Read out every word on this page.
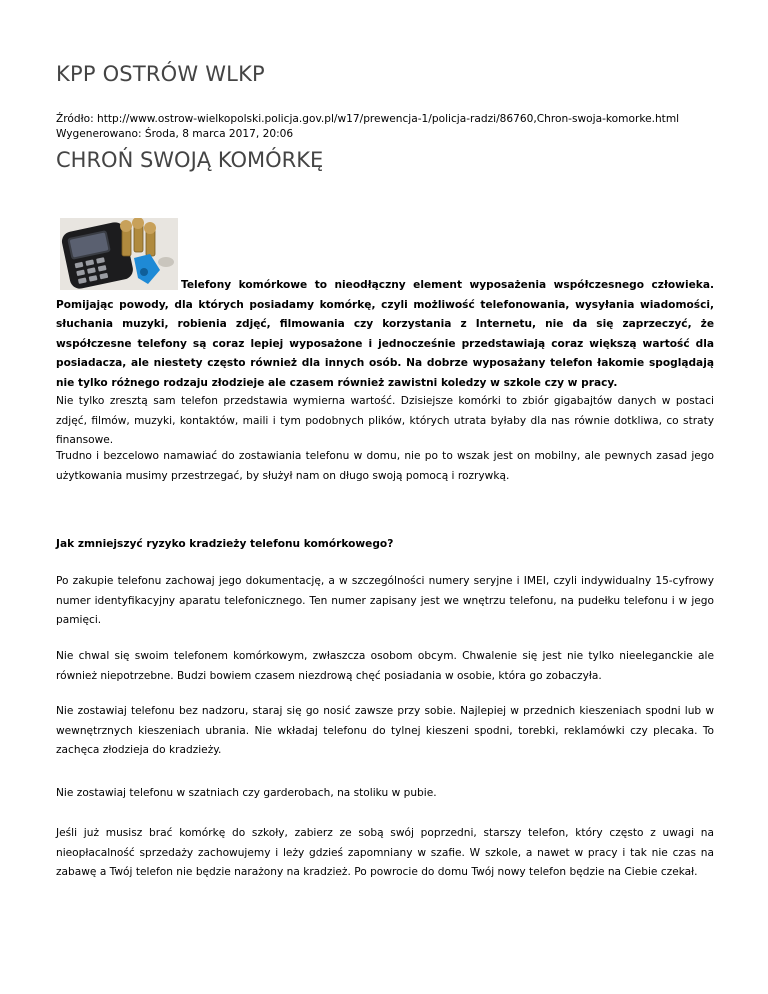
KPP OSTRÓW WLKP
Źródło: http://www.ostrow-wielkopolski.policja.gov.pl/w17/prewencja-1/policja-radzi/86760,Chron-swoja-komorke.html
Wygenerowano: Środa, 8 marca 2017, 20:06
CHROŃ SWOJĄ KOMÓRKĘ

Telefony komórkowe to nieodłączny element wyposażenia współczesnego człowieka. Pomijając powody, dla których posiadamy komórkę, czyli możliwość telefonowania, wysyłania wiadomości, słuchania muzyki, robienia zdjęć, filmowania czy korzystania z Internetu, nie da się zaprzeczyć, że współczesne telefony są coraz lepiej wyposażone i jednocześnie przedstawiają coraz większą wartość dla posiadacza, ale niestety często również dla innych osób. Na dobrze wyposażany telefon łakomie spoglądają nie tylko różnego rodzaju złodzieje ale czasem również zawistni koledzy w szkole czy w pracy.

Nie tylko zresztą sam telefon przedstawia wymierna wartość. Dzisiejsze komórki to zbiór gigabajtów danych w postaci zdjęć, filmów, muzyki, kontaktów, maili i tym podobnych plików, których utrata byłaby dla nas równie dotkliwa, co straty finansowe.

Trudno i bezcelowo namawiać do zostawiania telefonu w domu, nie po to wszak jest on mobilny, ale pewnych zasad jego użytkowania musimy przestrzegać, by służył nam on długo swoją pomocą i rozrywką.

Jak zmniejszyć ryzyko kradzieży telefonu komórkowego?

Po zakupie telefonu zachowaj jego dokumentację, a w szczególności numery seryjne i IMEI, czyli indywidualny 15-cyfrowy numer identyfikacyjny aparatu telefonicznego. Ten numer zapisany jest we wnętrzu telefonu, na pudełku telefonu i w jego pamięci.

Nie chwal się swoim telefonem komórkowym, zwłaszcza osobom obcym. Chwalenie się jest nie tylko nieeleganckie ale również niepotrzebne. Budzi bowiem czasem niezdrową chęć posiadania w osobie, która go zobaczyła.

Nie zostawiaj telefonu bez nadzoru, staraj się go nosić zawsze przy sobie. Najlepiej w przednich kieszeniach spodni lub w wewnętrznych kieszeniach ubrania. Nie wkładaj telefonu do tylnej kieszeni spodni, torebki, reklamówki czy plecaka. To zachęca złodzieja do kradzieży.

Nie zostawiaj telefonu w szatniach czy garderobach, na stoliku w pubie.

Jeśli już musisz brać komórkę do szkoły, zabierz ze sobą swój poprzedni, starszy telefon, który często z uwagi na nieopłacalność sprzedaży zachowujemy i leży gdzieś zapomniany w szafie. W szkole, a nawet w pracy i tak nie czas na zabawę a Twój telefon nie będzie narażony na kradzież. Po powrocie do domu Twój nowy telefon będzie na Ciebie czekał.
